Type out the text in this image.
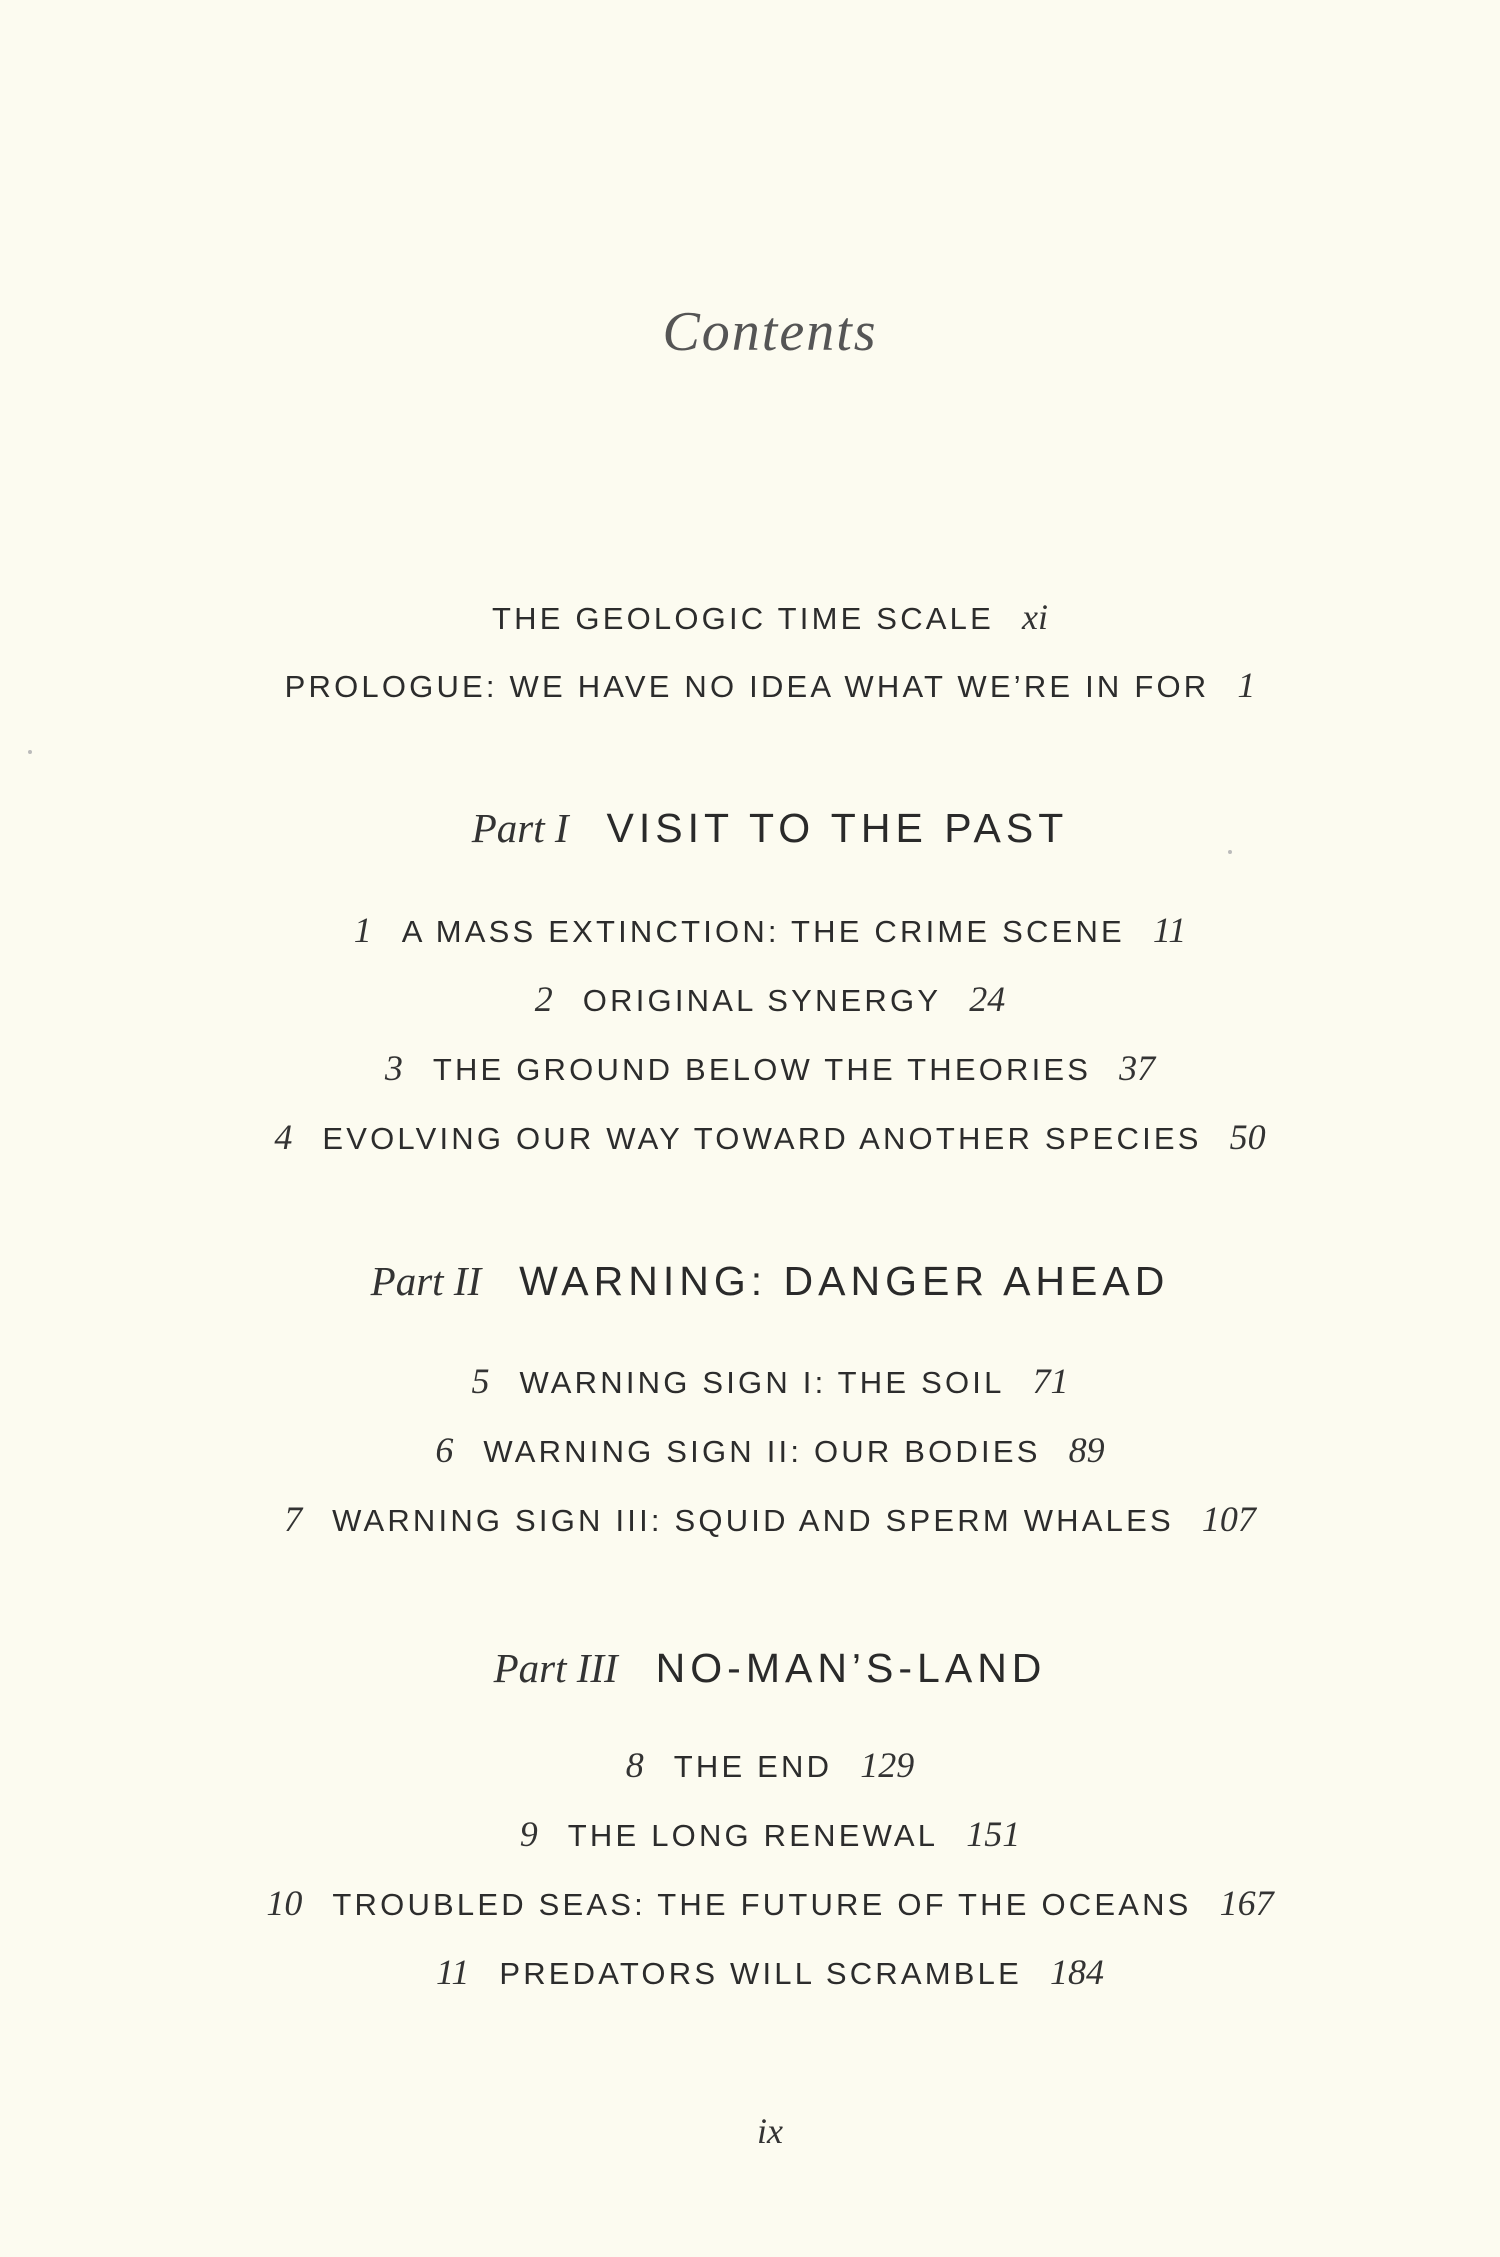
Contents
THE GEOLOGIC TIME SCALE xi
PROLOGUE: WE HAVE NO IDEA WHAT WE’RE IN FOR 1
Part I VISIT TO THE PAST
1 A MASS EXTINCTION: THE CRIME SCENE 11
2 ORIGINAL SYNERGY 24
3 THE GROUND BELOW THE THEORIES 37
4 EVOLVING OUR WAY TOWARD ANOTHER SPECIES 50
Part II WARNING: DANGER AHEAD
5 WARNING SIGN I: THE SOIL 71
6 WARNING SIGN II: OUR BODIES 89
7 WARNING SIGN III: SQUID AND SPERM WHALES 107
Part III NO-MAN’S-LAND
8 THE END 129
9 THE LONG RENEWAL 151
10 TROUBLED SEAS: THE FUTURE OF THE OCEANS 167
11 PREDATORS WILL SCRAMBLE 184
ix
